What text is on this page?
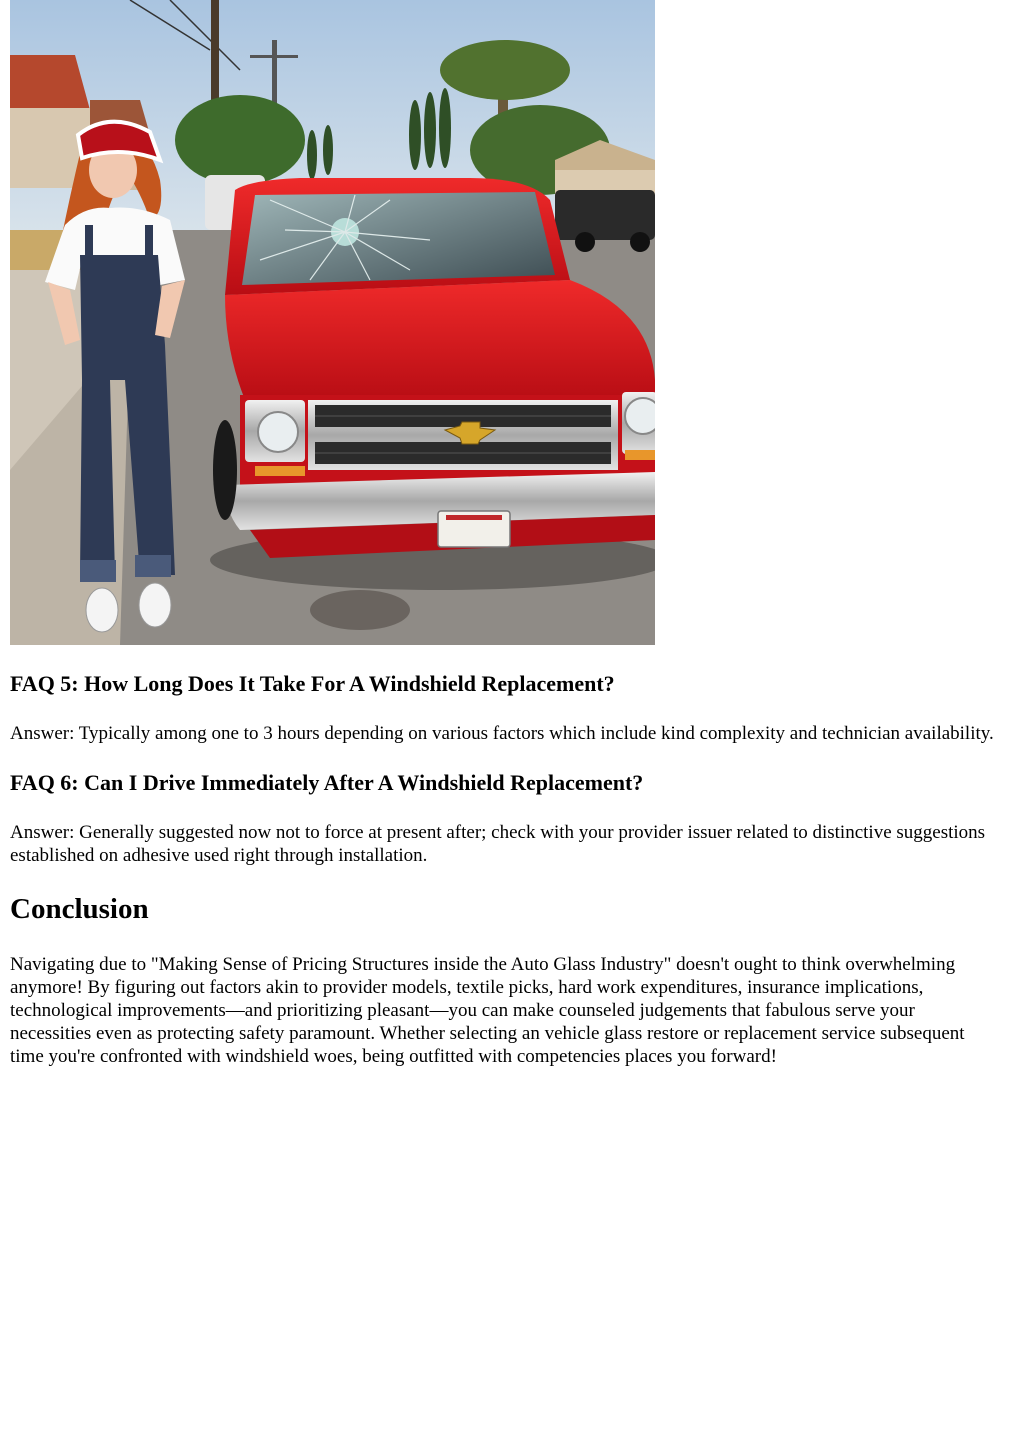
FAQ 5: How Long Does It Take For A Windshield Replacement?

Answer: Typically among one to 3 hours depending on various factors which include kind complexity and technician availability.

FAQ 6: Can I Drive Immediately After A Windshield Replacement?

Answer: Generally suggested now not to force at present after; check with your provider issuer related to distinctive suggestions established on adhesive used right through installation.

Conclusion

Navigating due to "Making Sense of Pricing Structures inside the Auto Glass Industry" doesn't ought to think overwhelming anymore! By figuring out factors akin to provider models, textile picks, hard work expenditures, insurance implications, technological improvements—and prioritizing pleasant—you can make counseled judgements that fabulous serve your necessities even as protecting safety paramount. Whether selecting an vehicle glass restore or replacement service subsequent time you're confronted with windshield woes, being outfitted with competencies places you forward!
